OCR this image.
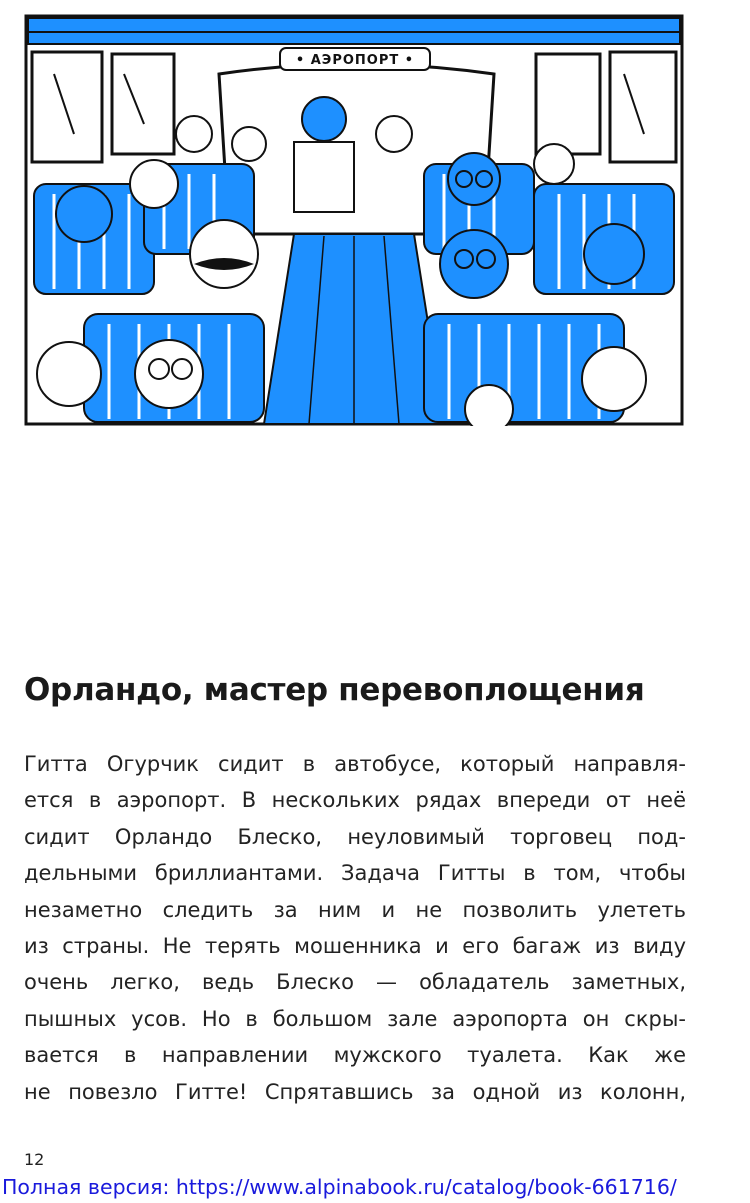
• АЭРОПОРТ •
Орландо, мастер перевоплощения
Гитта Огурчик сидит в автобусе, который направля-
ется в аэропорт. В нескольких рядах впереди от неё
сидит Орландо Блеско, неуловимый торговец под-
дельными бриллиантами. Задача Гитты в том, чтобы
незаметно следить за ним и не позволить улететь
из страны. Не терять мошенника и его багаж из виду
очень легко, ведь Блеско — обладатель заметных,
пышных усов. Но в большом зале аэропорта он скры-
вается в направлении мужского туалета. Как же
не повезло Гитте! Спрятавшись за одной из колонн,
12
Полная версия: https://www.alpinabook.ru/catalog/book-661716/
